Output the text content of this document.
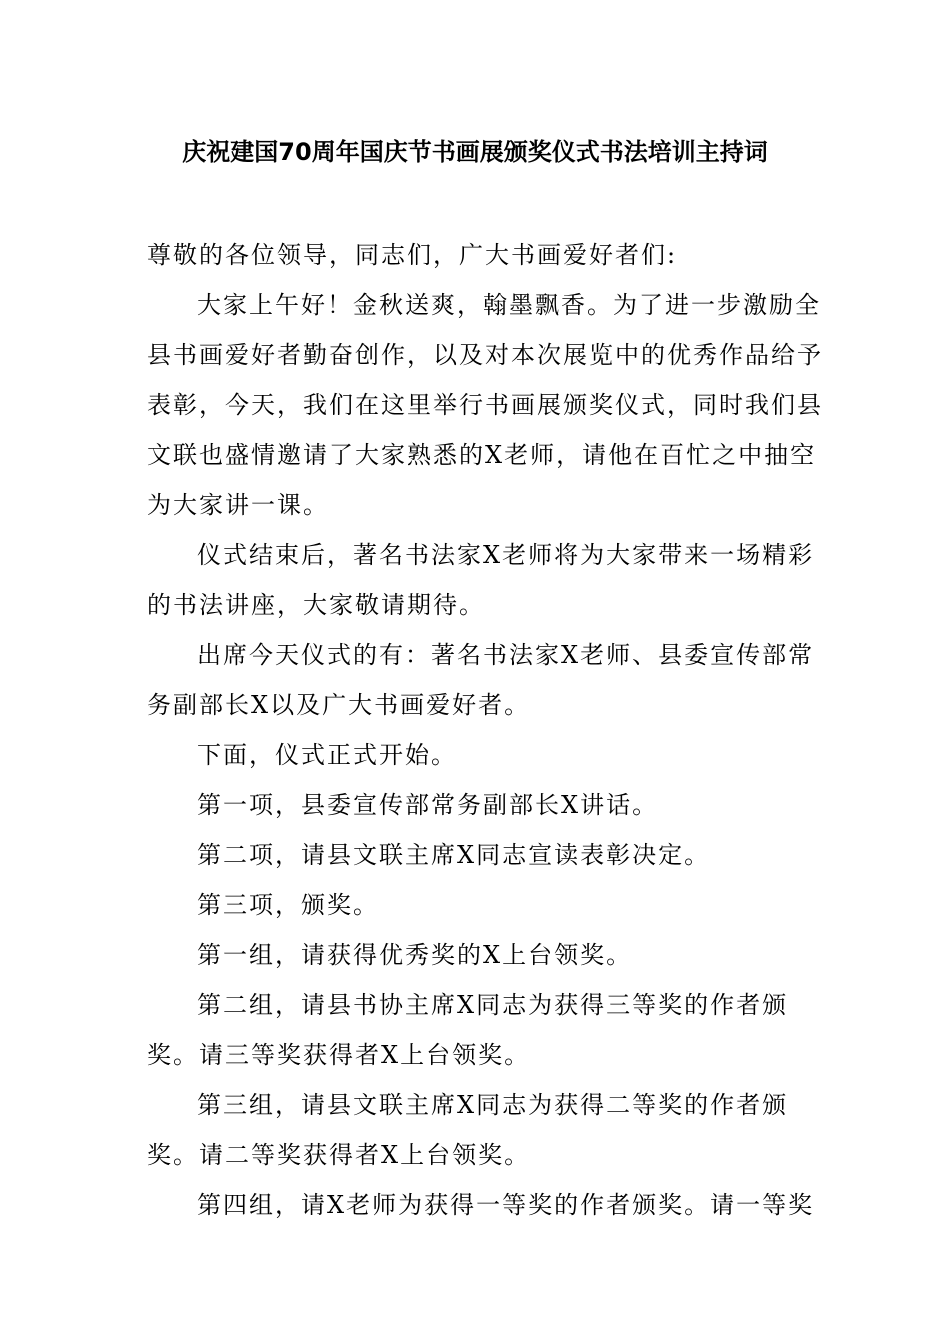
庆祝建国70周年国庆节书画展颁奖仪式书法培训主持词

尊敬的各位领导，同志们，广大书画爱好者们:

大家上午好！金秋送爽，翰墨飘香。为了进一步激励全县书画爱好者勤奋创作，以及对本次展览中的优秀作品给予表彰，今天，我们在这里举行书画展颁奖仪式，同时我们县文联也盛情邀请了大家熟悉的X老师，请他在百忙之中抽空为大家讲一课。

仪式结束后，著名书法家X老师将为大家带来一场精彩的书法讲座，大家敬请期待。

出席今天仪式的有：著名书法家X老师、县委宣传部常务副部长X以及广大书画爱好者。

下面，仪式正式开始。

第一项，县委宣传部常务副部长X讲话。

第二项，请县文联主席X同志宣读表彰决定。

第三项，颁奖。

第一组，请获得优秀奖的X上台领奖。

第二组，请县书协主席X同志为获得三等奖的作者颁奖。请三等奖获得者X上台领奖。

第三组，请县文联主席X同志为获得二等奖的作者颁奖。请二等奖获得者X上台领奖。

第四组，请X老师为获得一等奖的作者颁奖。请一等奖
